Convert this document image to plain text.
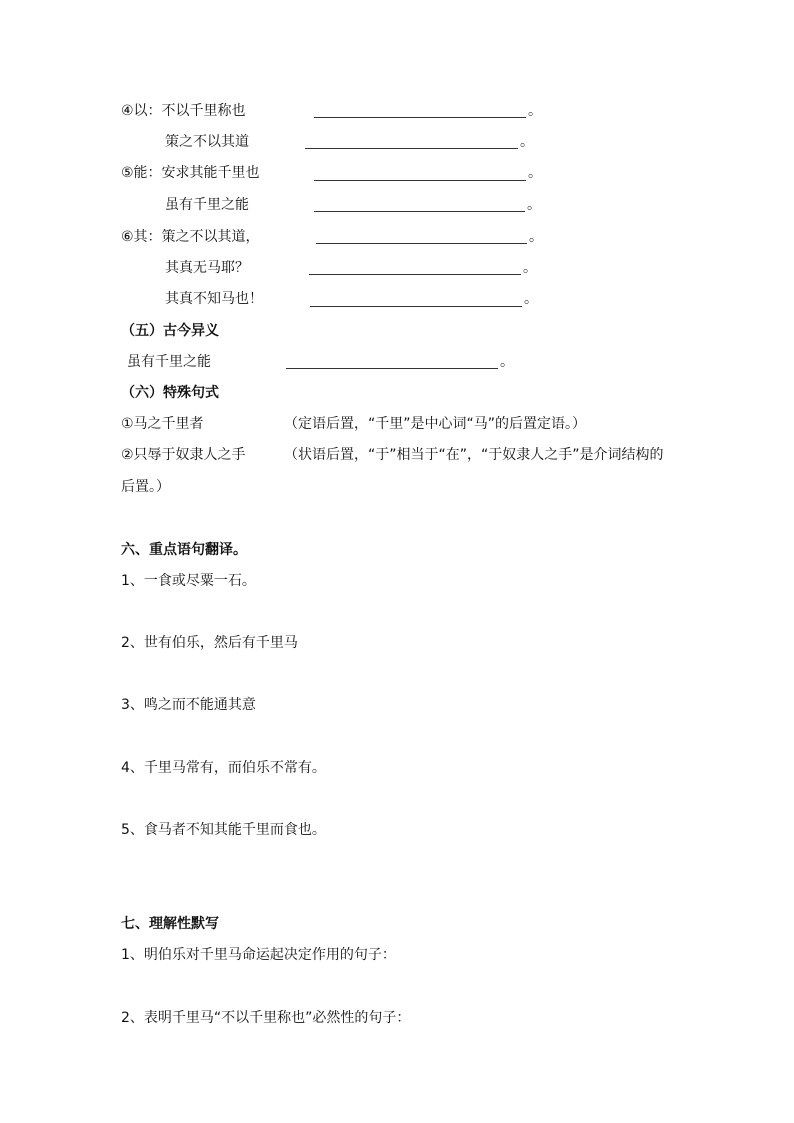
④以：不以千里称也	。
策之不以其道	。
⑤能：安求其能千里也	。
虽有千里之能	。
⑥其：策之不以其道，	。
其真无马耶？	。
其真不知马也！	。
（五）古今异义
虽有千里之能	。
（六）特殊句式
①马之千里者	（定语后置，“千里”是中心词“马”的后置定语。）
②只辱于奴隶人之手	（状语后置，“于”相当于“在”，“于奴隶人之手”是介词结构的
后置。）
六、重点语句翻译。
1、一食或尽粟一石。
2、世有伯乐，然后有千里马
3、鸣之而不能通其意
4、千里马常有，而伯乐不常有。
5、食马者不知其能千里而食也。
七、理解性默写
1、明伯乐对千里马命运起决定作用的句子：
2、表明千里马“不以千里称也”必然性的句子：
